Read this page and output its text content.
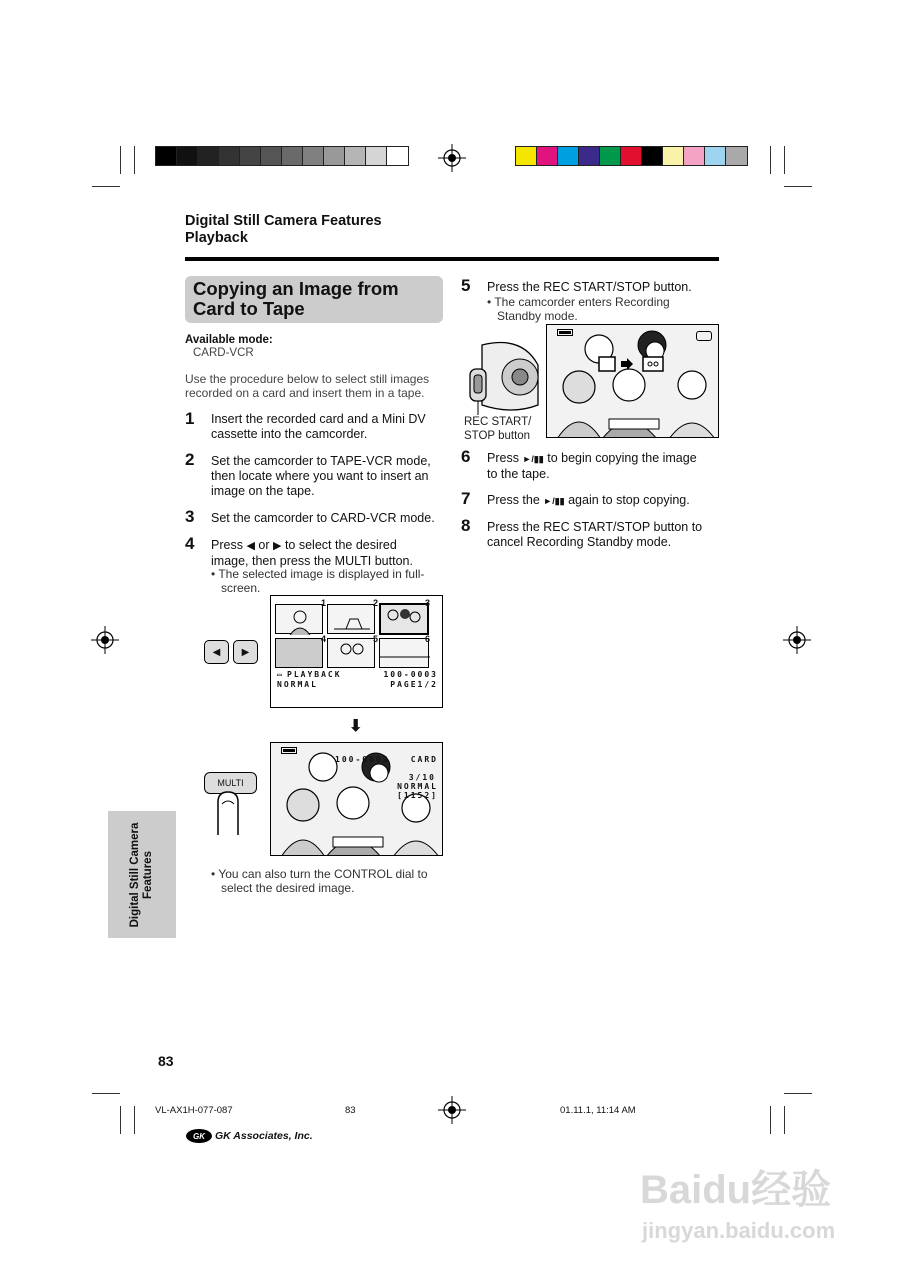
Digital Still Camera Features
Playback
Copying an Image from
Card to Tape
Available mode:
CARD-VCR
Use the procedure below to select still images
recorded on a card and insert them in a tape.
1 Insert the recorded card and a Mini DV
cassette into the camcorder.
2 Set the camcorder to TAPE-VCR mode,
then locate where you want to insert an
image on the tape.
3 Set the camcorder to CARD-VCR mode.
4 Press ◀ or ▶ to select the desired
image, then press the MULTI button.
• The selected image is displayed in full-
screen.
◀ ▶
1	2	3
4	5	6
▭ PLAYBACK	100-0003
NORMAL	PAGE1/2
⬇
MULTI
100-0003	CARD
3/10
NORMAL
[1152]
• You can also turn the CONTROL dial to
select the desired image.
Digital Still Camera Features
5 Press the REC START/STOP button.
• The camcorder enters Recording
Standby mode.
REC START/
STOP button
6 Press ►/▮▮ to begin copying the image
to the tape.
7 Press the ►/▮▮ again to stop copying.
8 Press the REC START/STOP button to
cancel Recording Standby mode.
83
VL-AX1H-077-087	83	01.11.1, 11:14 AM
GK GK Associates, Inc.
Baidu经验
jingyan.baidu.com
